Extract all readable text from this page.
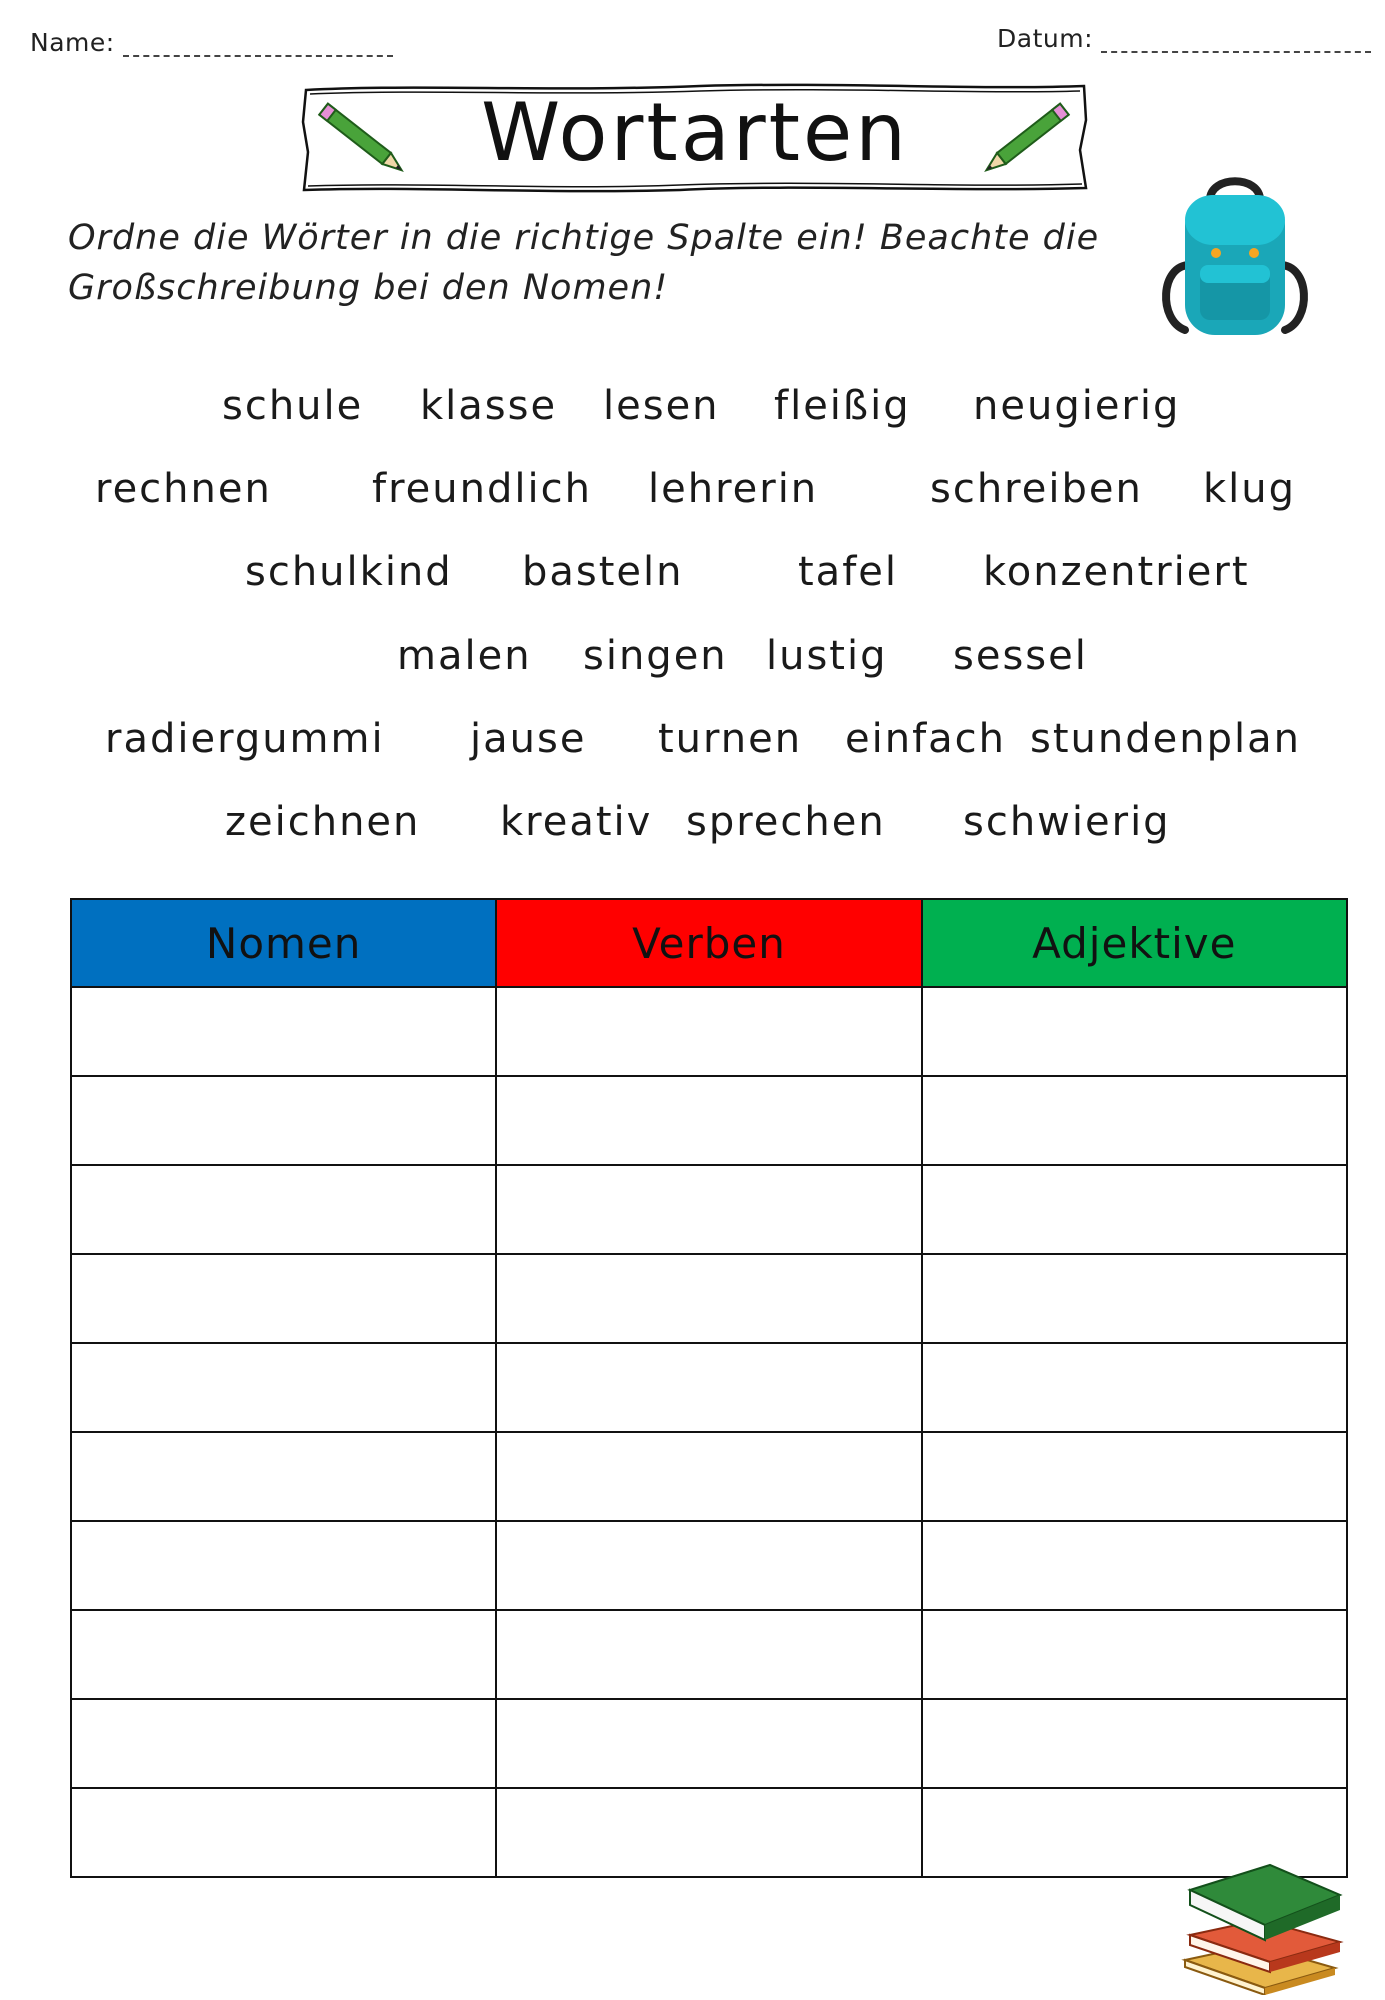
Name:	Datum:
Wortarten
Ordne die Wörter in die richtige Spalte ein! Beachte die
Großschreibung bei den Nomen!
schule klasse lesen fleißig neugierig
rechnen	freundlich lehrerin	schreiben klug
schulkind basteln	tafel konzentriert
malen singen lustig sessel
radiergummi jause turnen einfach stundenplan
zeichnen kreativ sprechen schwierig
Nomen	Verben	Adjektive
